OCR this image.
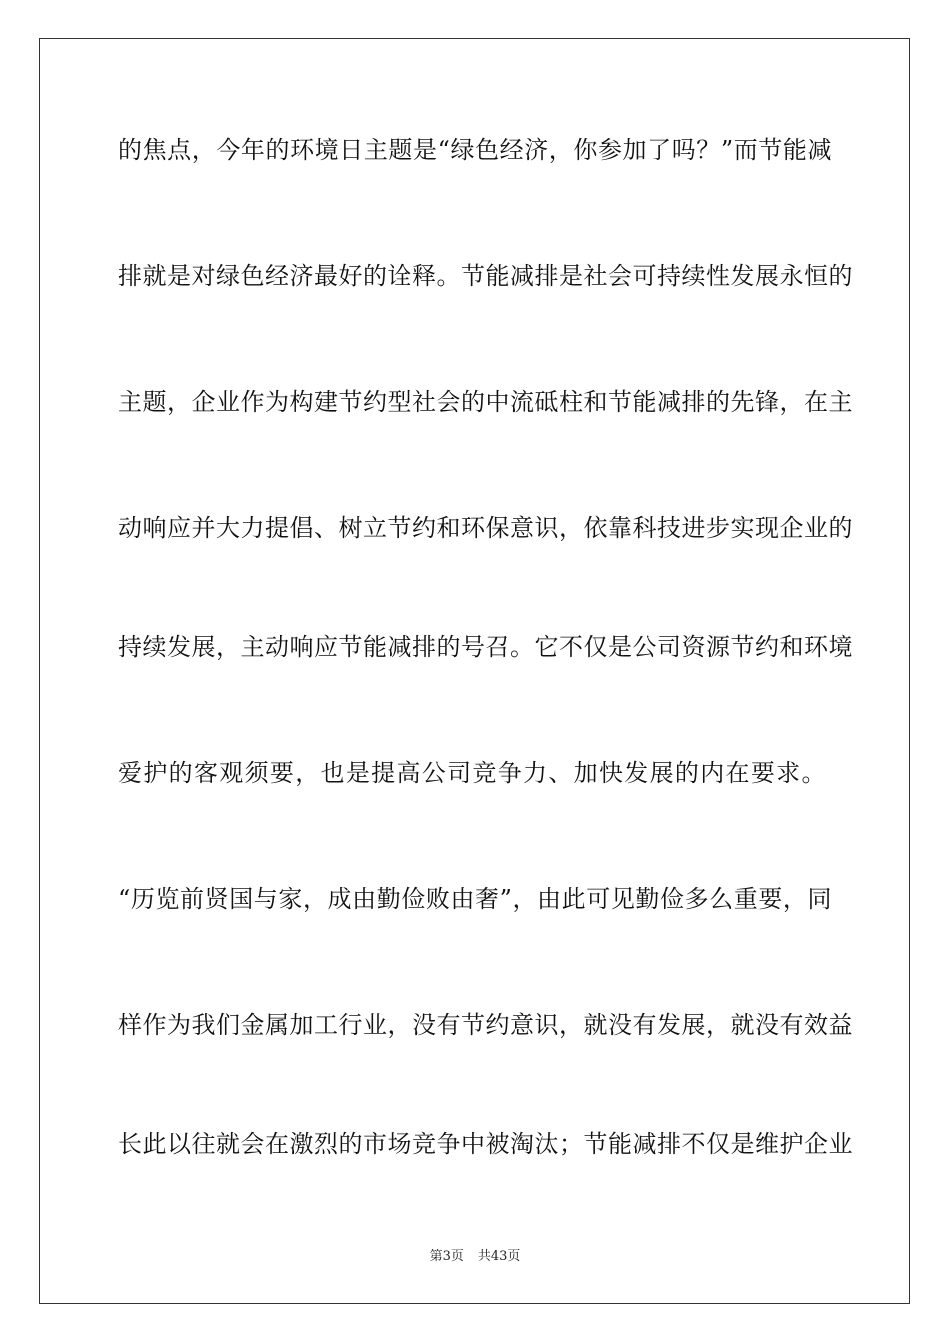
的焦点，今年的环境日主题是“绿色经济，你参加了吗？”而节能减
排就是对绿色经济最好的诠释。节能减排是社会可持续性发展永恒的
主题，企业作为构建节约型社会的中流砥柱和节能减排的先锋，在主
动响应并大力提倡、树立节约和环保意识，依靠科技进步实现企业的
持续发展，主动响应节能减排的号召。它不仅是公司资源节约和环境
爱护的客观须要，也是提高公司竞争力、加快发展的内在要求。
“历览前贤国与家，成由勤俭败由奢”，由此可见勤俭多么重要，同
样作为我们金属加工行业，没有节约意识，就没有发展，就没有效益
长此以往就会在激烈的市场竞争中被淘汰；节能减排不仅是维护企业
第3页 共43页
